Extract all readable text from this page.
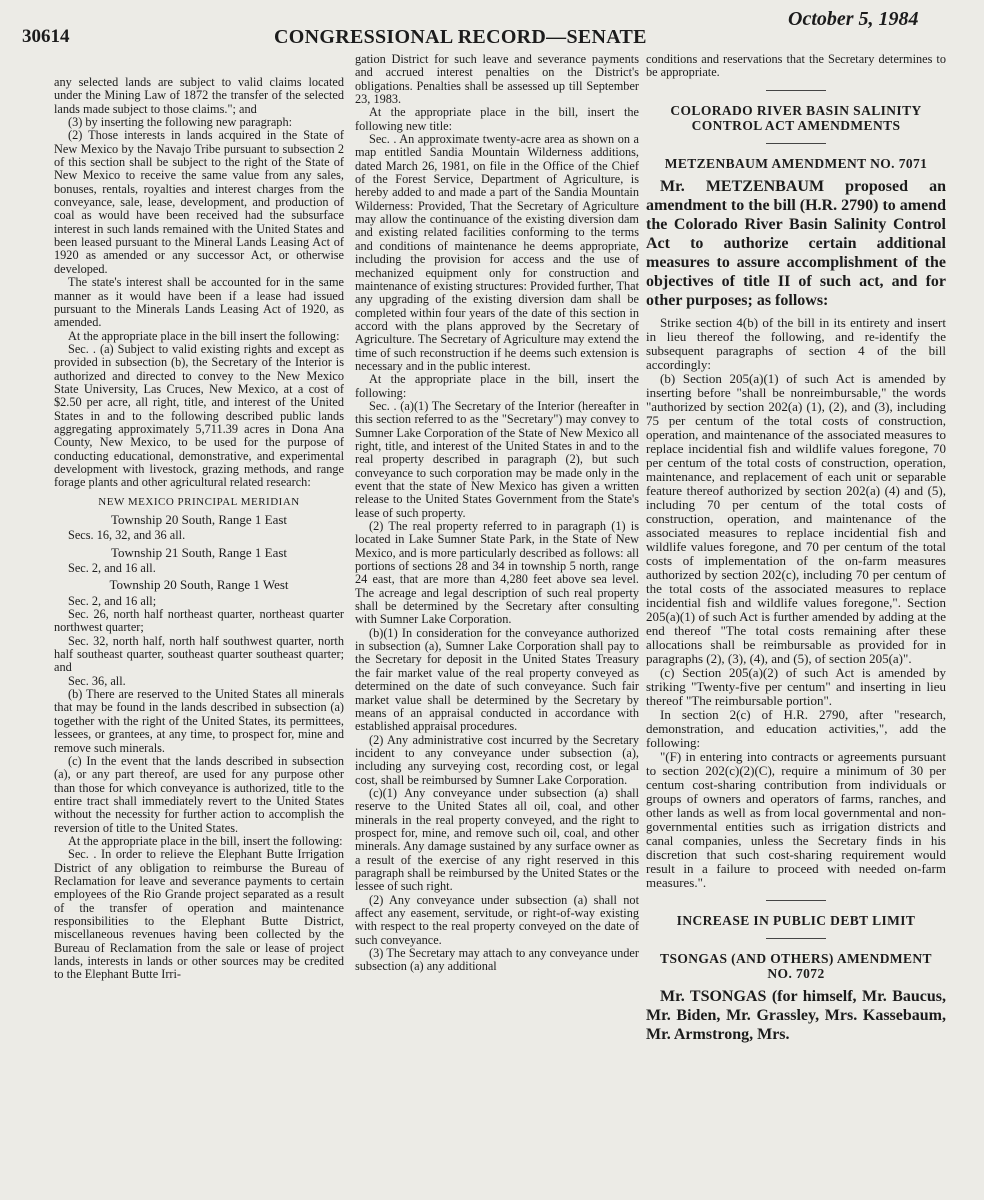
30614	CONGRESSIONAL RECORD—SENATE
October 5, 1984

any selected lands are subject to valid claims located under the Mining Law of 1872 the transfer of the selected lands made subject to those claims."; and

(3) by inserting the following new paragraph:

(2) Those interests in lands acquired in the State of New Mexico by the Navajo Tribe pursuant to subsection 2 of this section shall be subject to the right of the State of New Mexico to receive the same value from any sales, bonuses, rentals, royalties and interest charges from the conveyance, sale, lease, development, and production of coal as would have been received had the subsurface interest in such lands remained with the United States and been leased pursuant to the Mineral Lands Leasing Act of 1920 as amended or any successor Act, or otherwise developed.

The state's interest shall be accounted for in the same manner as it would have been if a lease had issued pursuant to the Minerals Lands Leasing Act of 1920, as amended.

At the appropriate place in the bill insert the following:

Sec. . (a) Subject to valid existing rights and except as provided in subsection (b), the Secretary of the Interior is authorized and directed to convey to the New Mexico State University, Las Cruces, New Mexico, at a cost of $2.50 per acre, all right, title, and interest of the United States in and to the following described public lands aggregating approximately 5,711.39 acres in Dona Ana County, New Mexico, to be used for the purpose of conducting educational, demonstrative, and experimental development with livestock, grazing methods, and range forage plants and other agricultural related research:

NEW MEXICO PRINCIPAL MERIDIAN

Township 20 South, Range 1 East

Secs. 16, 32, and 36 all.

Township 21 South, Range 1 East

Sec. 2, and 16 all.

Township 20 South, Range 1 West

Sec. 2, and 16 all;

Sec. 26, north half northeast quarter, northeast quarter northwest quarter;

Sec. 32, north half, north half southwest quarter, north half southeast quarter, southeast quarter southeast quarter; and

Sec. 36, all.

(b) There are reserved to the United States all minerals that may be found in the lands described in subsection (a) together with the right of the United States, its permittees, lessees, or grantees, at any time, to prospect for, mine and remove such minerals.

(c) In the event that the lands described in subsection (a), or any part thereof, are used for any purpose other than those for which conveyance is authorized, title to the entire tract shall immediately revert to the United States without the necessity for further action to accomplish the reversion of title to the United States.

At the appropriate place in the bill, insert the following:

Sec. . In order to relieve the Elephant Butte Irrigation District of any obligation to reimburse the Bureau of Reclamation for leave and severance payments to certain employees of the Rio Grande project separated as a result of the transfer of operation and maintenance responsibilities to the Elephant Butte District, miscellaneous revenues having been collected by the Bureau of Reclamation from the sale or lease of project lands, interests in lands or other sources may be credited to the Elephant Butte Irri-

gation District for such leave and severance payments and accrued interest penalties on the District's obligations. Penalties shall be assessed up till September 23, 1983.

At the appropriate place in the bill, insert the following new title:

Sec. . An approximate twenty-acre area as shown on a map entitled Sandia Mountain Wilderness additions, dated March 26, 1981, on file in the Office of the Chief of the Forest Service, Department of Agriculture, is hereby added to and made a part of the Sandia Mountain Wilderness: Provided, That the Secretary of Agriculture may allow the continuance of the existing diversion dam and existing related facilities conforming to the terms and conditions of maintenance he deems appropriate, including the provision for access and the use of mechanized equipment only for construction and maintenance of existing structures: Provided further, That any upgrading of the existing diversion dam shall be completed within four years of the date of this section in accord with the plans approved by the Secretary of Agriculture. The Secretary of Agriculture may extend the time of such reconstruction if he deems such extension is necessary and in the public interest.

At the appropriate place in the bill, insert the following:

Sec. . (a)(1) The Secretary of the Interior (hereafter in this section referred to as the "Secretary") may convey to Sumner Lake Corporation of the State of New Mexico all right, title, and interest of the United States in and to the real property described in paragraph (2), but such conveyance to such corporation may be made only in the event that the state of New Mexico has given a written release to the United States Government from the State's lease of such property.

(2) The real property referred to in paragraph (1) is located in Lake Sumner State Park, in the State of New Mexico, and is more particularly described as follows: all portions of sections 28 and 34 in township 5 north, range 24 east, that are more than 4,280 feet above sea level. The acreage and legal description of such real property shall be determined by the Secretary after consulting with Sumner Lake Corporation.

(b)(1) In consideration for the conveyance authorized in subsection (a), Sumner Lake Corporation shall pay to the Secretary for deposit in the United States Treasury the fair market value of the real property conveyed as determined on the date of such conveyance. Such fair market value shall be determined by the Secretary by means of an appraisal conducted in accordance with established appraisal procedures.

(2) Any administrative cost incurred by the Secretary incident to any conveyance under subsection (a), including any surveying cost, recording cost, or legal cost, shall be reimbursed by Sumner Lake Corporation.

(c)(1) Any conveyance under subsection (a) shall reserve to the United States all oil, coal, and other minerals in the real property conveyed, and the right to prospect for, mine, and remove such oil, coal, and other minerals. Any damage sustained by any surface owner as a result of the exercise of any right reserved in this paragraph shall be reimbursed by the United States or the lessee of such right.

(2) Any conveyance under subsection (a) shall not affect any easement, servitude, or right-of-way existing with respect to the real property conveyed on the date of such conveyance.

(3) The Secretary may attach to any conveyance under subsection (a) any additional

conditions and reservations that the Secretary determines to be appropriate.

COLORADO RIVER BASIN SALINITY CONTROL ACT AMENDMENTS

METZENBAUM AMENDMENT NO. 7071

Mr. METZENBAUM proposed an amendment to the bill (H.R. 2790) to amend the Colorado River Basin Salinity Control Act to authorize certain additional measures to assure accomplishment of the objectives of title II of such act, and for other purposes; as follows:

Strike section 4(b) of the bill in its entirety and insert in lieu thereof the following, and re-identify the subsequent paragraphs of section 4 of the bill accordingly:

(b) Section 205(a)(1) of such Act is amended by inserting before "shall be nonreimbursable," the words "authorized by section 202(a) (1), (2), and (3), including 75 per centum of the total costs of construction, operation, and maintenance of the associated measures to replace incidential fish and wildlife values foregone, 70 per centum of the total costs of construction, operation, maintenance, and replacement of each unit or separable feature thereof authorized by section 202(a) (4) and (5), including 70 per centum of the total costs of construction, operation, and maintenance of the associated measures to replace incidential fish and wildlife values foregone, and 70 per centum of the total costs of implementation of the on-farm measures authorized by section 202(c), including 70 per centum of the total costs of the associated measures to replace incidential fish and wildlife values foregone,". Section 205(a)(1) of such Act is further amended by adding at the end thereof "The total costs remaining after these allocations shall be reimbursable as provided for in paragraphs (2), (3), (4), and (5), of section 205(a)".

(c) Section 205(a)(2) of such Act is amended by striking "Twenty-five per centum" and inserting in lieu thereof "The reimbursable portion".

In section 2(c) of H.R. 2790, after "research, demonstration, and education activities,", add the following:

"(F) in entering into contracts or agreements pursuant to section 202(c)(2)(C), require a minimum of 30 per centum cost-sharing contribution from individuals or groups of owners and operators of farms, ranches, and other lands as well as from local governmental and non-governmental entities such as irrigation districts and canal companies, unless the Secretary finds in his discretion that such cost-sharing requirement would result in a failure to proceed with needed on-farm measures.".

INCREASE IN PUBLIC DEBT LIMIT

TSONGAS (AND OTHERS) AMENDMENT NO. 7072

Mr. TSONGAS (for himself, Mr. Baucus, Mr. Biden, Mr. Grassley, Mrs. Kassebaum, Mr. Armstrong, Mrs.
